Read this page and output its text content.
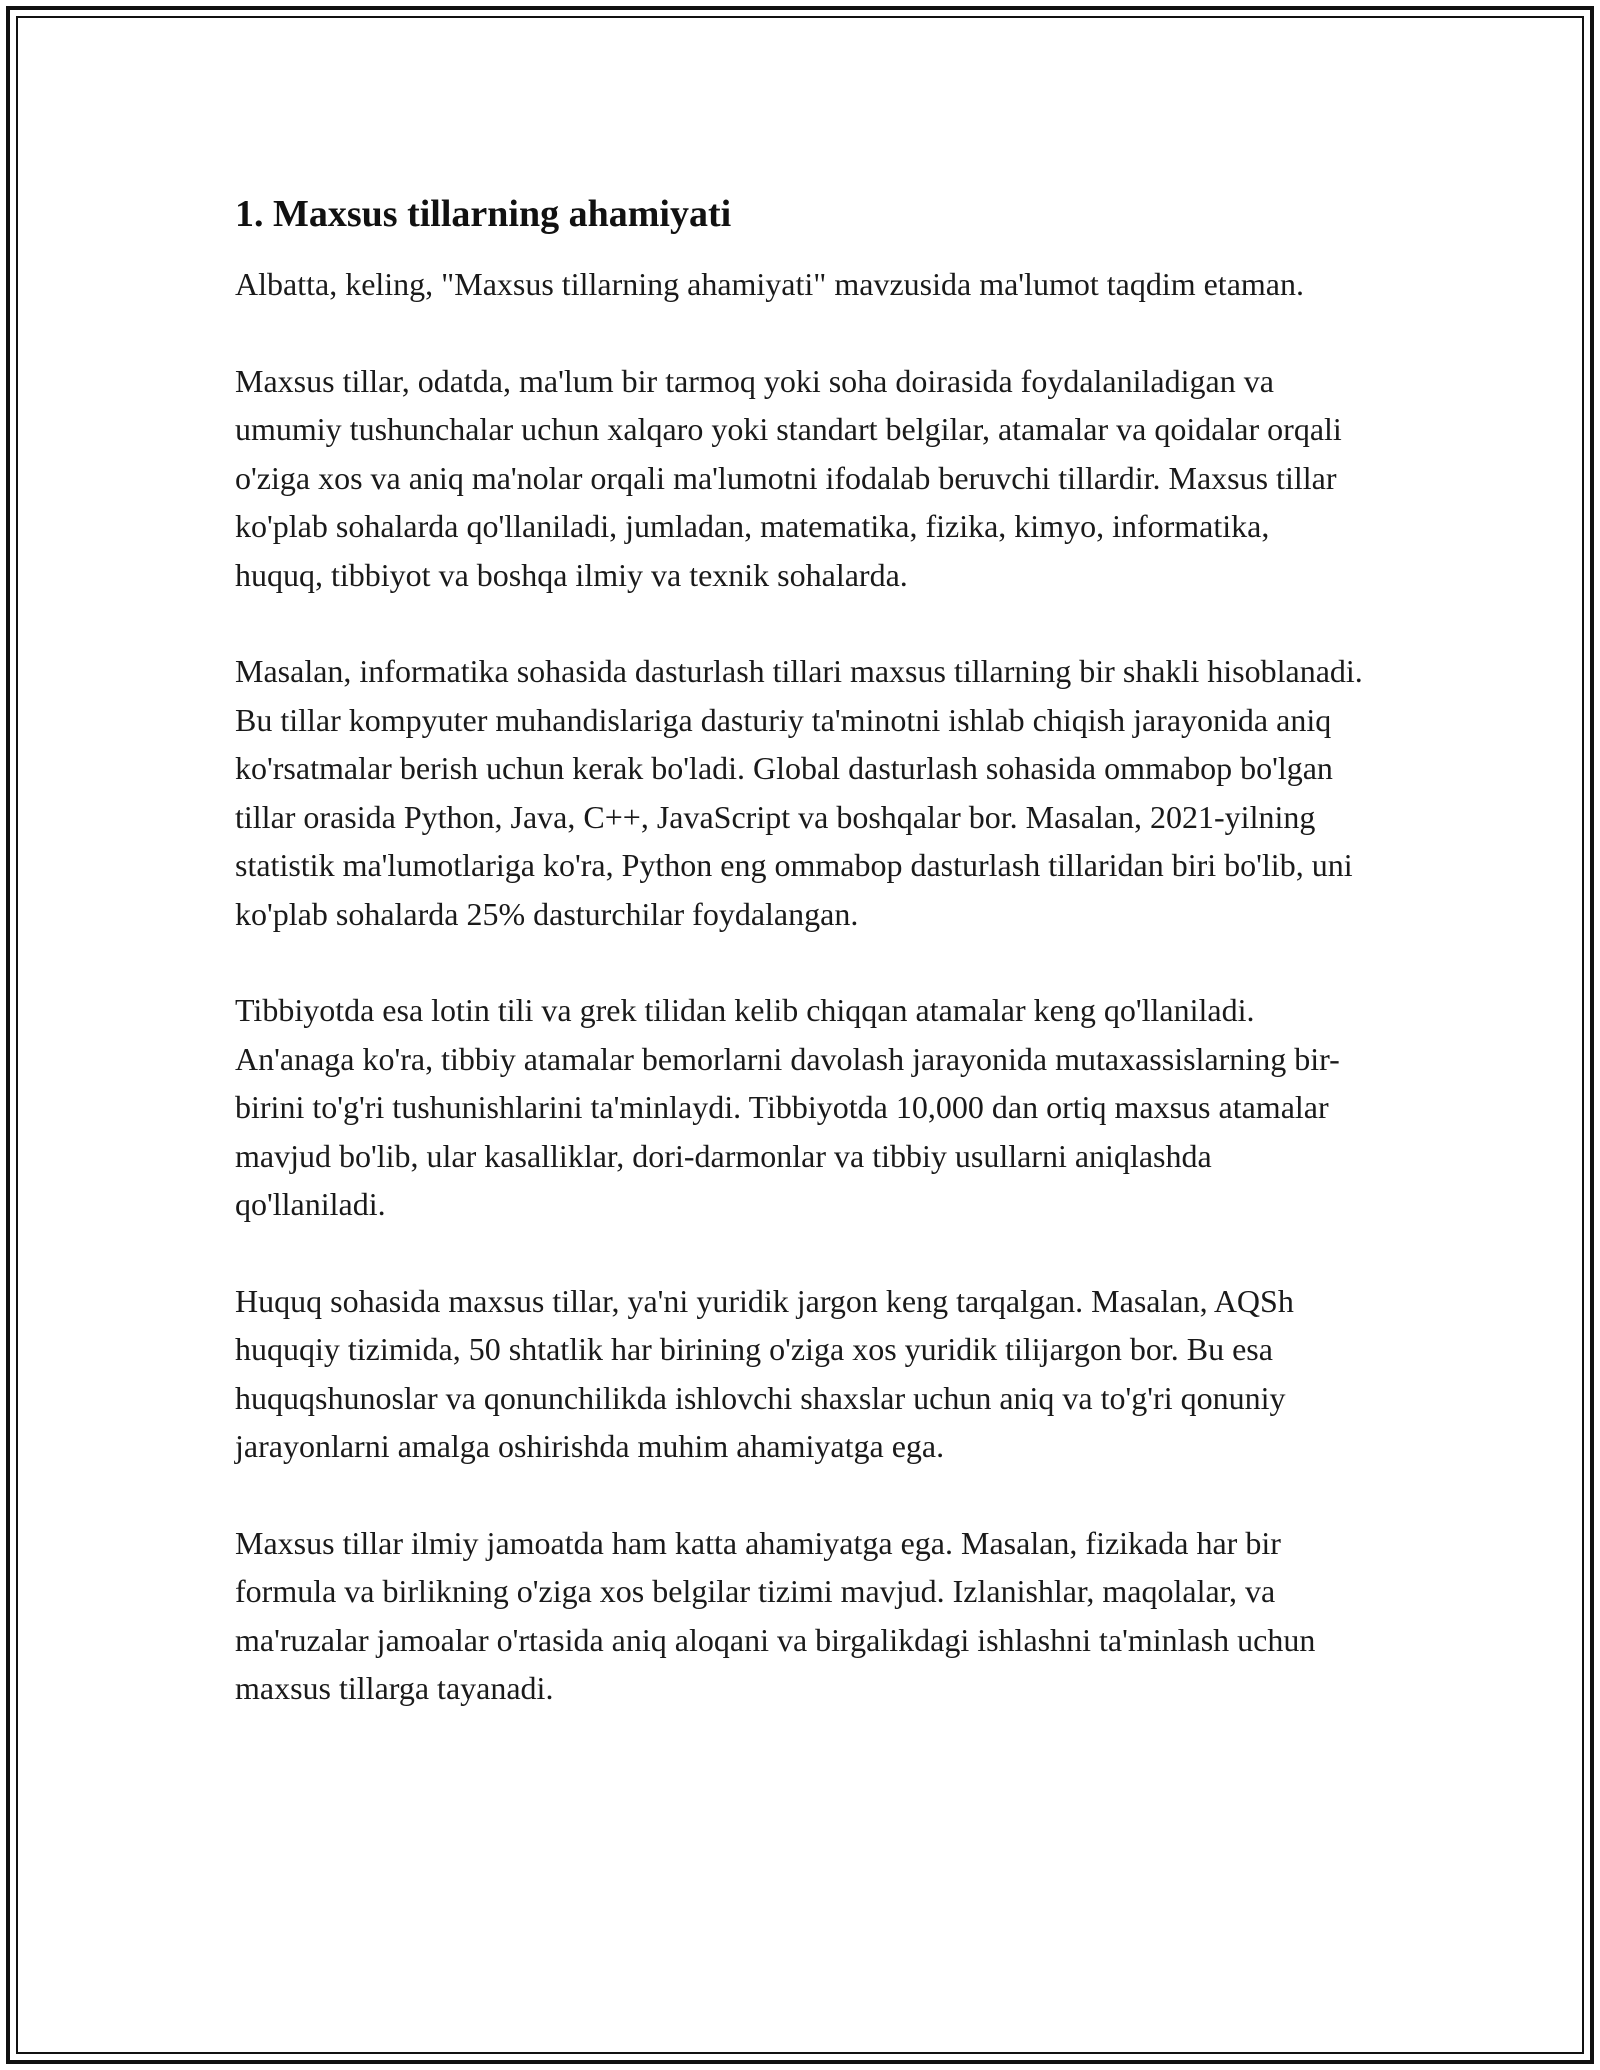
1. Maxsus tillarning ahamiyati

Albatta, keling, "Maxsus tillarning ahamiyati" mavzusida ma'lumot taqdim etaman.

Maxsus tillar, odatda, ma'lum bir tarmoq yoki soha doirasida foydalaniladigan va umumiy tushunchalar uchun xalqaro yoki standart belgilar, atamalar va qoidalar orqali o'ziga xos va aniq ma'nolar orqali ma'lumotni ifodalab beruvchi tillardir. Maxsus tillar ko'plab sohalarda qo'llaniladi, jumladan, matematika, fizika, kimyo, informatika, huquq, tibbiyot va boshqa ilmiy va texnik sohalarda.

Masalan, informatika sohasida dasturlash tillari maxsus tillarning bir shakli hisoblanadi. Bu tillar kompyuter muhandislariga dasturiy ta'minotni ishlab chiqish jarayonida aniq ko'rsatmalar berish uchun kerak bo'ladi. Global dasturlash sohasida ommabop bo'lgan tillar orasida Python, Java, C++, JavaScript va boshqalar bor. Masalan, 2021-yilning statistik ma'lumotlariga ko'ra, Python eng ommabop dasturlash tillaridan biri bo'lib, uni ko'plab sohalarda 25% dasturchilar foydalangan.

Tibbiyotda esa lotin tili va grek tilidan kelib chiqqan atamalar keng qo'llaniladi. An'anaga ko'ra, tibbiy atamalar bemorlarni davolash jarayonida mutaxassislarning bir-birini to'g'ri tushunishlarini ta'minlaydi. Tibbiyotda 10,000 dan ortiq maxsus atamalar mavjud bo'lib, ular kasalliklar, dori-darmonlar va tibbiy usullarni aniqlashda qo'llaniladi.

Huquq sohasida maxsus tillar, ya'ni yuridik jargon keng tarqalgan. Masalan, AQSh huquqiy tizimida, 50 shtatlik har birining o'ziga xos yuridik tilijargon bor. Bu esa huquqshunoslar va qonunchilikda ishlovchi shaxslar uchun aniq va to'g'ri qonuniy jarayonlarni amalga oshirishda muhim ahamiyatga ega.

Maxsus tillar ilmiy jamoatda ham katta ahamiyatga ega. Masalan, fizikada har bir formula va birlikning o'ziga xos belgilar tizimi mavjud. Izlanishlar, maqolalar, va ma'ruzalar jamoalar o'rtasida aniq aloqani va birgalikdagi ishlashni ta'minlash uchun maxsus tillarga tayanadi.
